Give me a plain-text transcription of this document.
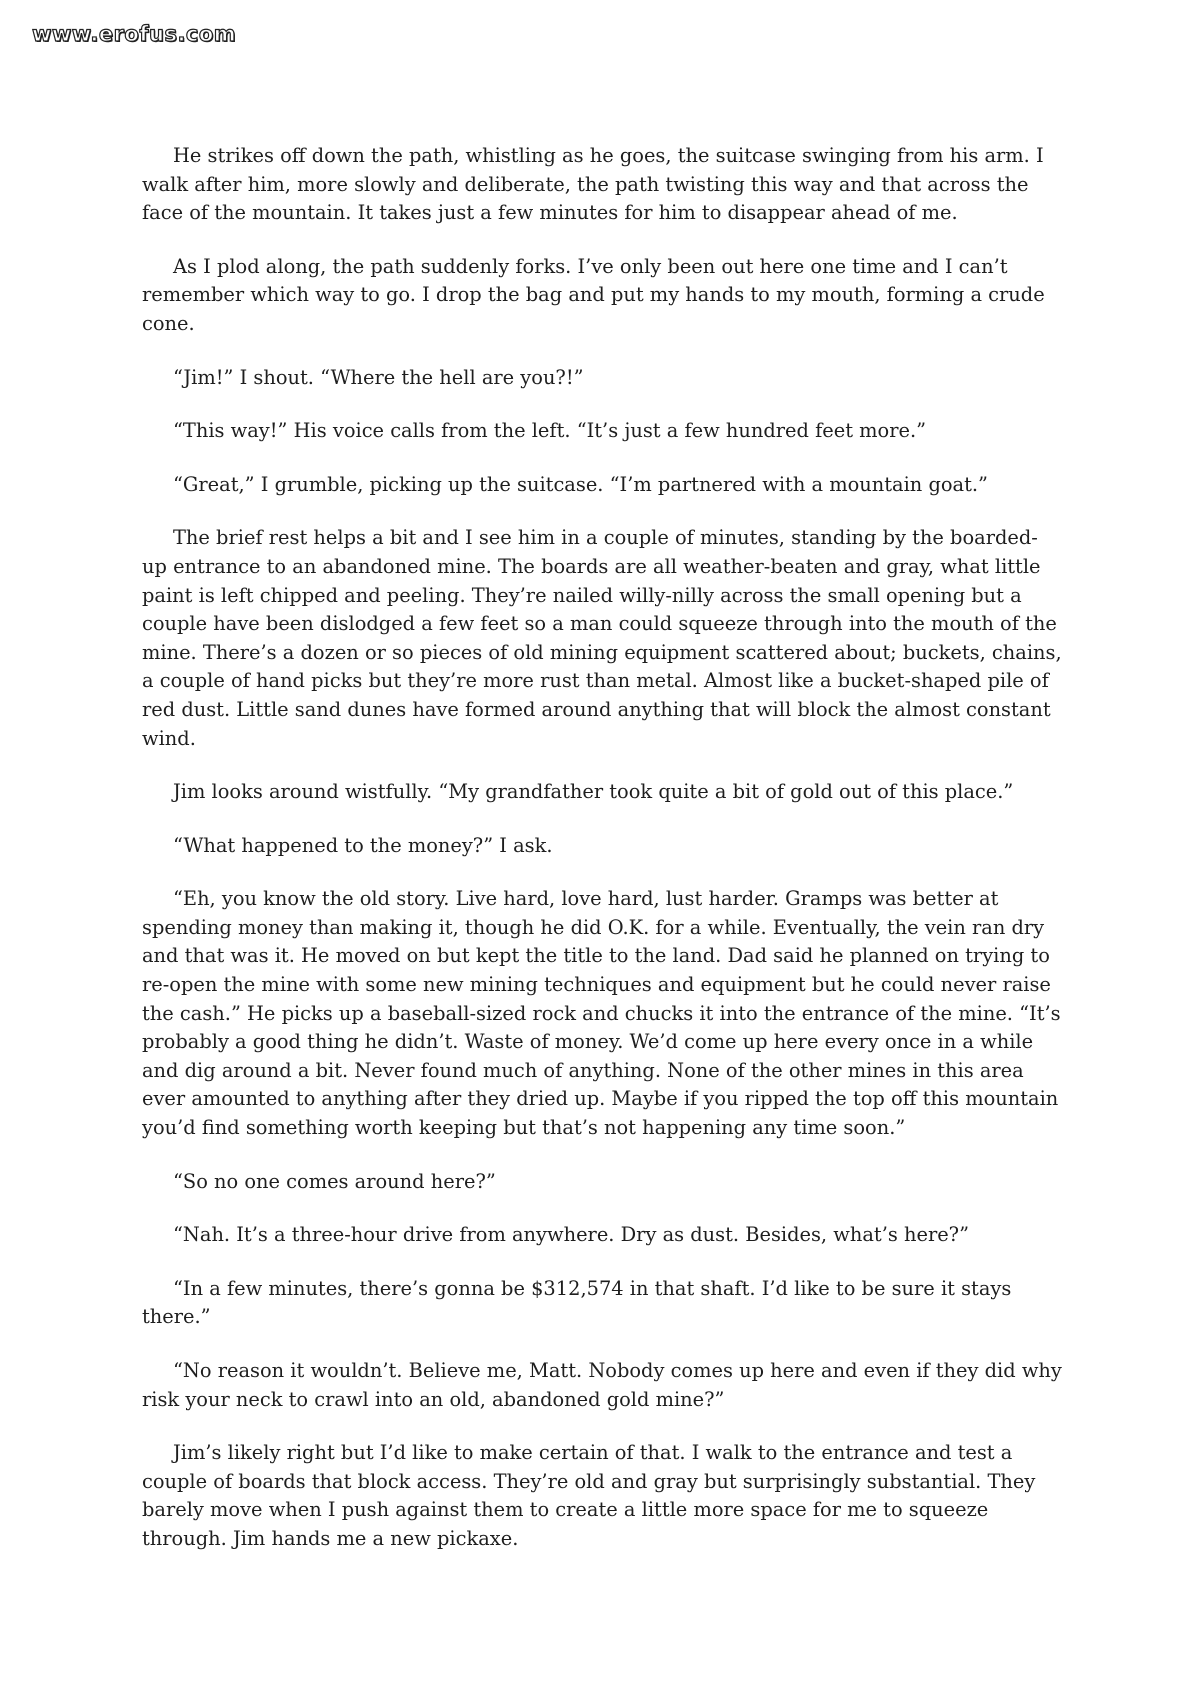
www.erofus.com

He strikes off down the path, whistling as he goes, the suitcase swinging from his arm. I walk after him, more slowly and deliberate, the path twisting this way and that across the face of the mountain. It takes just a few minutes for him to disappear ahead of me.

As I plod along, the path suddenly forks. I’ve only been out here one time and I can’t remember which way to go. I drop the bag and put my hands to my mouth, forming a crude cone.

“Jim!” I shout. “Where the hell are you?!”

“This way!” His voice calls from the left. “It’s just a few hundred feet more.”

“Great,” I grumble, picking up the suitcase. “I’m partnered with a mountain goat.”

The brief rest helps a bit and I see him in a couple of minutes, standing by the boarded-up entrance to an abandoned mine. The boards are all weather-beaten and gray, what little paint is left chipped and peeling. They’re nailed willy-nilly across the small opening but a couple have been dislodged a few feet so a man could squeeze through into the mouth of the mine. There’s a dozen or so pieces of old mining equipment scattered about; buckets, chains, a couple of hand picks but they’re more rust than metal. Almost like a bucket-shaped pile of red dust. Little sand dunes have formed around anything that will block the almost constant wind.

Jim looks around wistfully. “My grandfather took quite a bit of gold out of this place.”

“What happened to the money?” I ask.

“Eh, you know the old story. Live hard, love hard, lust harder. Gramps was better at spending money than making it, though he did O.K. for a while. Eventually, the vein ran dry and that was it. He moved on but kept the title to the land. Dad said he planned on trying to re-open the mine with some new mining techniques and equipment but he could never raise the cash.” He picks up a baseball-sized rock and chucks it into the entrance of the mine. “It’s probably a good thing he didn’t. Waste of money. We’d come up here every once in a while and dig around a bit. Never found much of anything. None of the other mines in this area ever amounted to anything after they dried up. Maybe if you ripped the top off this mountain you’d find something worth keeping but that’s not happening any time soon.”

“So no one comes around here?”

“Nah. It’s a three-hour drive from anywhere. Dry as dust. Besides, what’s here?”

“In a few minutes, there’s gonna be $312,574 in that shaft. I’d like to be sure it stays there.”

“No reason it wouldn’t. Believe me, Matt. Nobody comes up here and even if they did why risk your neck to crawl into an old, abandoned gold mine?”

Jim’s likely right but I’d like to make certain of that. I walk to the entrance and test a couple of boards that block access. They’re old and gray but surprisingly substantial. They barely move when I push against them to create a little more space for me to squeeze through. Jim hands me a new pickaxe.
